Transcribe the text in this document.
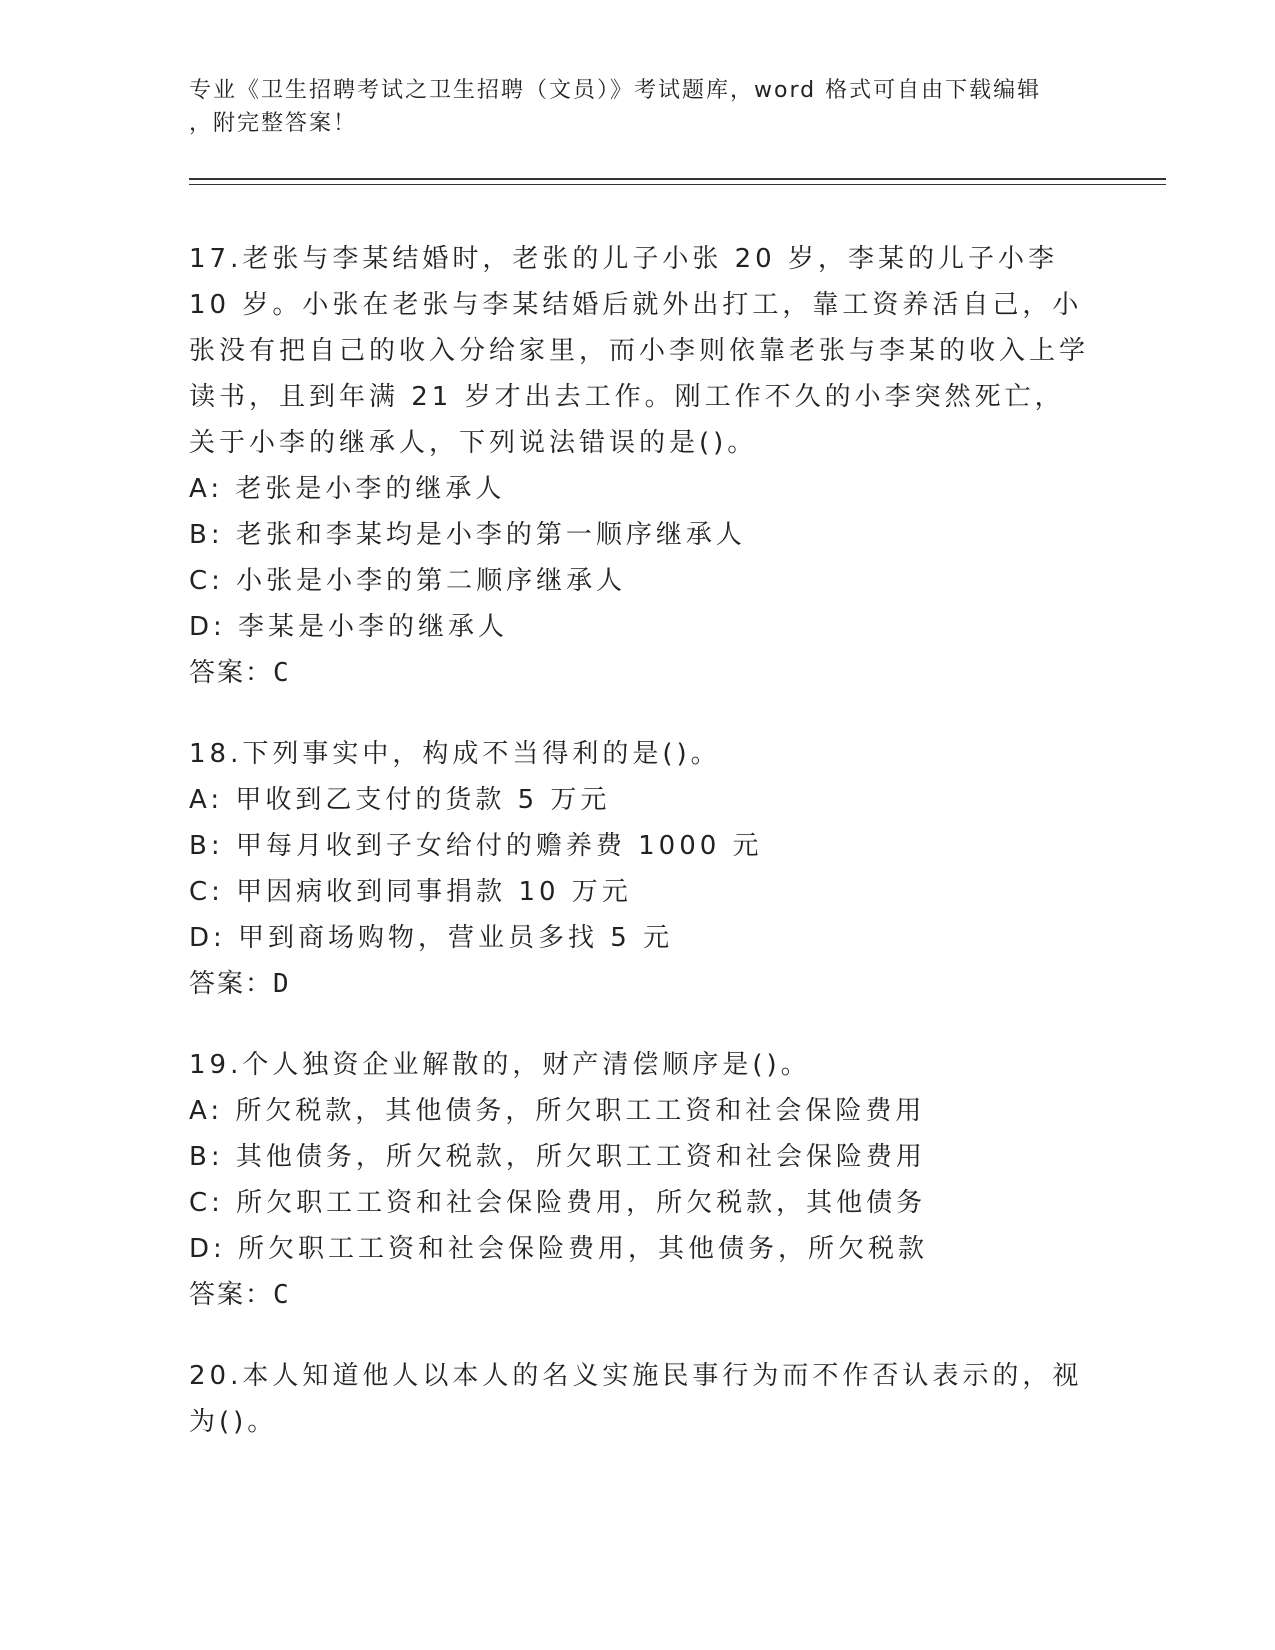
专业《卫生招聘考试之卫生招聘（文员）》考试题库，word 格式可自由下载编辑
，附完整答案！

17.老张与李某结婚时，老张的儿子小张 20 岁，李某的儿子小李 10 岁。小张在老张与李某结婚后就外出打工，靠工资养活自己，小张没有把自己的收入分给家里，而小李则依靠老张与李某的收入上学读书，且到年满 21 岁才出去工作。刚工作不久的小李突然死亡，关于小李的继承人，下列说法错误的是()。

A: 老张是小李的继承人

B: 老张和李某均是小李的第一顺序继承人

C: 小张是小李的第二顺序继承人

D: 李某是小李的继承人

答案：C

18.下列事实中，构成不当得利的是()。

A: 甲收到乙支付的货款 5 万元

B: 甲每月收到子女给付的赡养费 1000 元

C: 甲因病收到同事捐款 10 万元

D: 甲到商场购物，营业员多找 5 元

答案：D

19.个人独资企业解散的，财产清偿顺序是()。

A: 所欠税款，其他债务，所欠职工工资和社会保险费用

B: 其他债务，所欠税款，所欠职工工资和社会保险费用

C: 所欠职工工资和社会保险费用，所欠税款，其他债务

D: 所欠职工工资和社会保险费用，其他债务，所欠税款

答案：C

20.本人知道他人以本人的名义实施民事行为而不作否认表示的，视为()。
